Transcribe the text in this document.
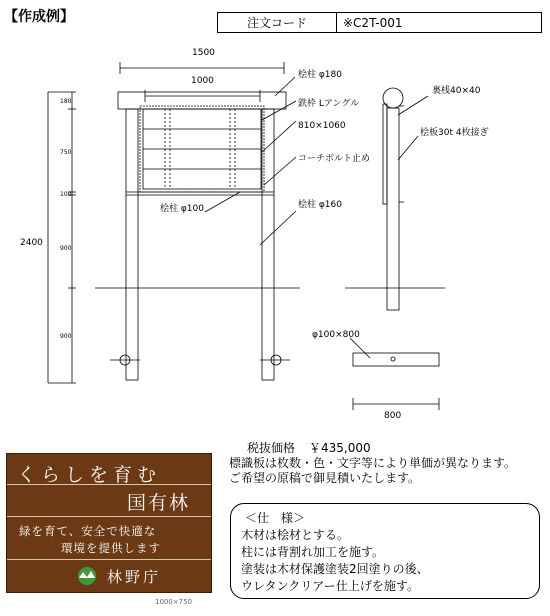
【作成例】	注文コード	※C2T-001
1500
1000
2400
180
750
100
900
900
800
桧柱 φ180
鉄枠 Lアングル
810×1060
コーチボルト止め
桧柱 φ100	桧柱 φ160
裏桟40×40
桧板30t 4枚接ぎ
φ100×800
くらしを育む
国有林
緑を育て、安全で快適な
環境を提供します
林野庁
1000×750
税抜価格 ￥435,000
標識板は枚数・色・文字等により単価が異なります。
ご希望の原稿で御見積いたします。
＜仕　様＞
木材は桧材とする。
柱には背割れ加工を施す。
塗装は木材保護塗装2回塗りの後、
ウレタンクリアー仕上げを施す。
